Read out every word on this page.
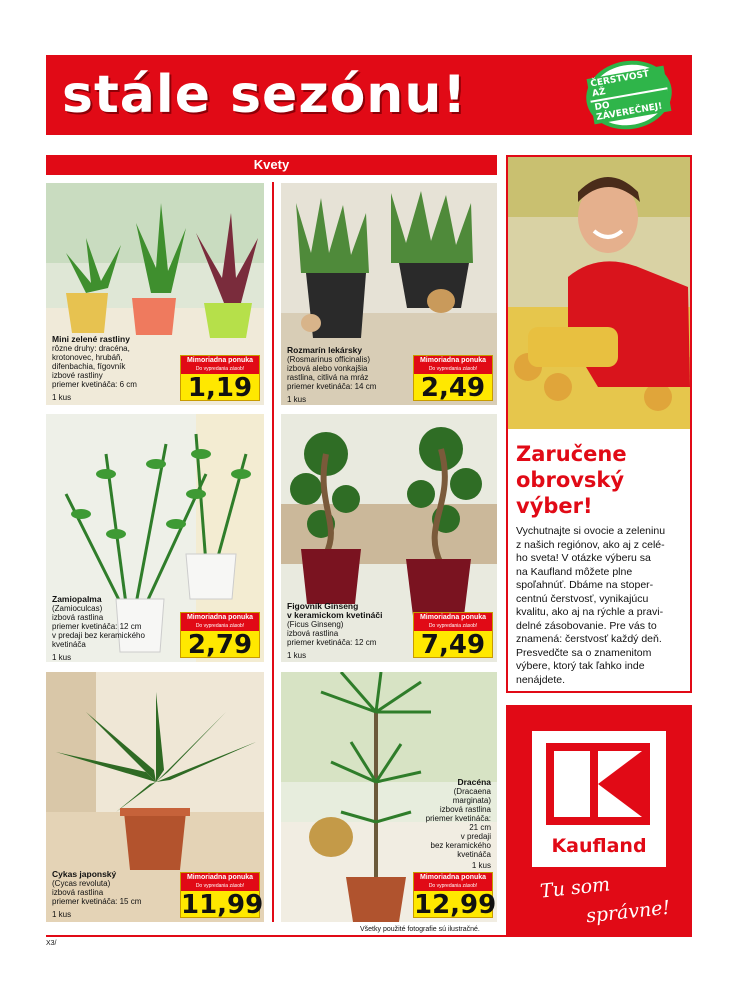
stále sezónu!	ČERSTVOSŤ AŽ
DO ZÁVEREČNEJ!
Kvety
Mini zelené rastliny
rôzne druhy: dracéna,
krotonovec, hrubáň,
difenbachia, fígovník
izbové rastliny
priemer kvetináča: 6 cm
1 kus
Mimoriadna ponuka
Do vypredania zásob!
1,19
Rozmarín lekársky
(Rosmarinus officinalis)
izbová alebo vonkajšia
rastlina, citlivá na mráz
priemer kvetináča: 14 cm
1 kus
Mimoriadna ponuka
Do vypredania zásob!
2,49
Zamiopalma
(Zamioculcas)
izbová rastlina
priemer kvetináča: 12 cm
v predaji bez keramického
kvetináča
1 kus
Mimoriadna ponuka
Do vypredania zásob!
2,79
Figovník Ginseng
v keramickom kvetináči
(Ficus Ginseng)
izbová rastlina
priemer kvetináča: 12 cm
1 kus
Mimoriadna ponuka
Do vypredania zásob!
7,49
Cykas japonský
(Cycas revoluta)
izbová rastlina
priemer kvetináča: 15 cm
1 kus
Mimoriadna ponuka
Do vypredania zásob!
11,99
Dracéna
(Dracaena
marginata)
izbová rastlina
priemer kvetináča:
21 cm
v predaji
bez keramického
kvetináča
1 kus
Mimoriadna ponuka
Do vypredania zásob!
12,99
Zaručene
obrovský
výber!
Vychutnajte si ovocie a zeleninu
z našich regiónov, ako aj z celé-
ho sveta! V otázke výberu sa
na Kaufland môžete plne
spoľahnúť. Dbáme na stoper-
centnú čerstvosť, vynikajúcu
kvalitu, ako aj na rýchle a pravi-
delné zásobovanie. Pre vás to
znamená: čerstvosť každý deň.
Presvedčte sa o znamenitom
výbere, ktorý tak ľahko inde
nenájdete.
Kaufland
Tu som
správne!
Všetky použité fotografie sú ilustračné.
X3/
